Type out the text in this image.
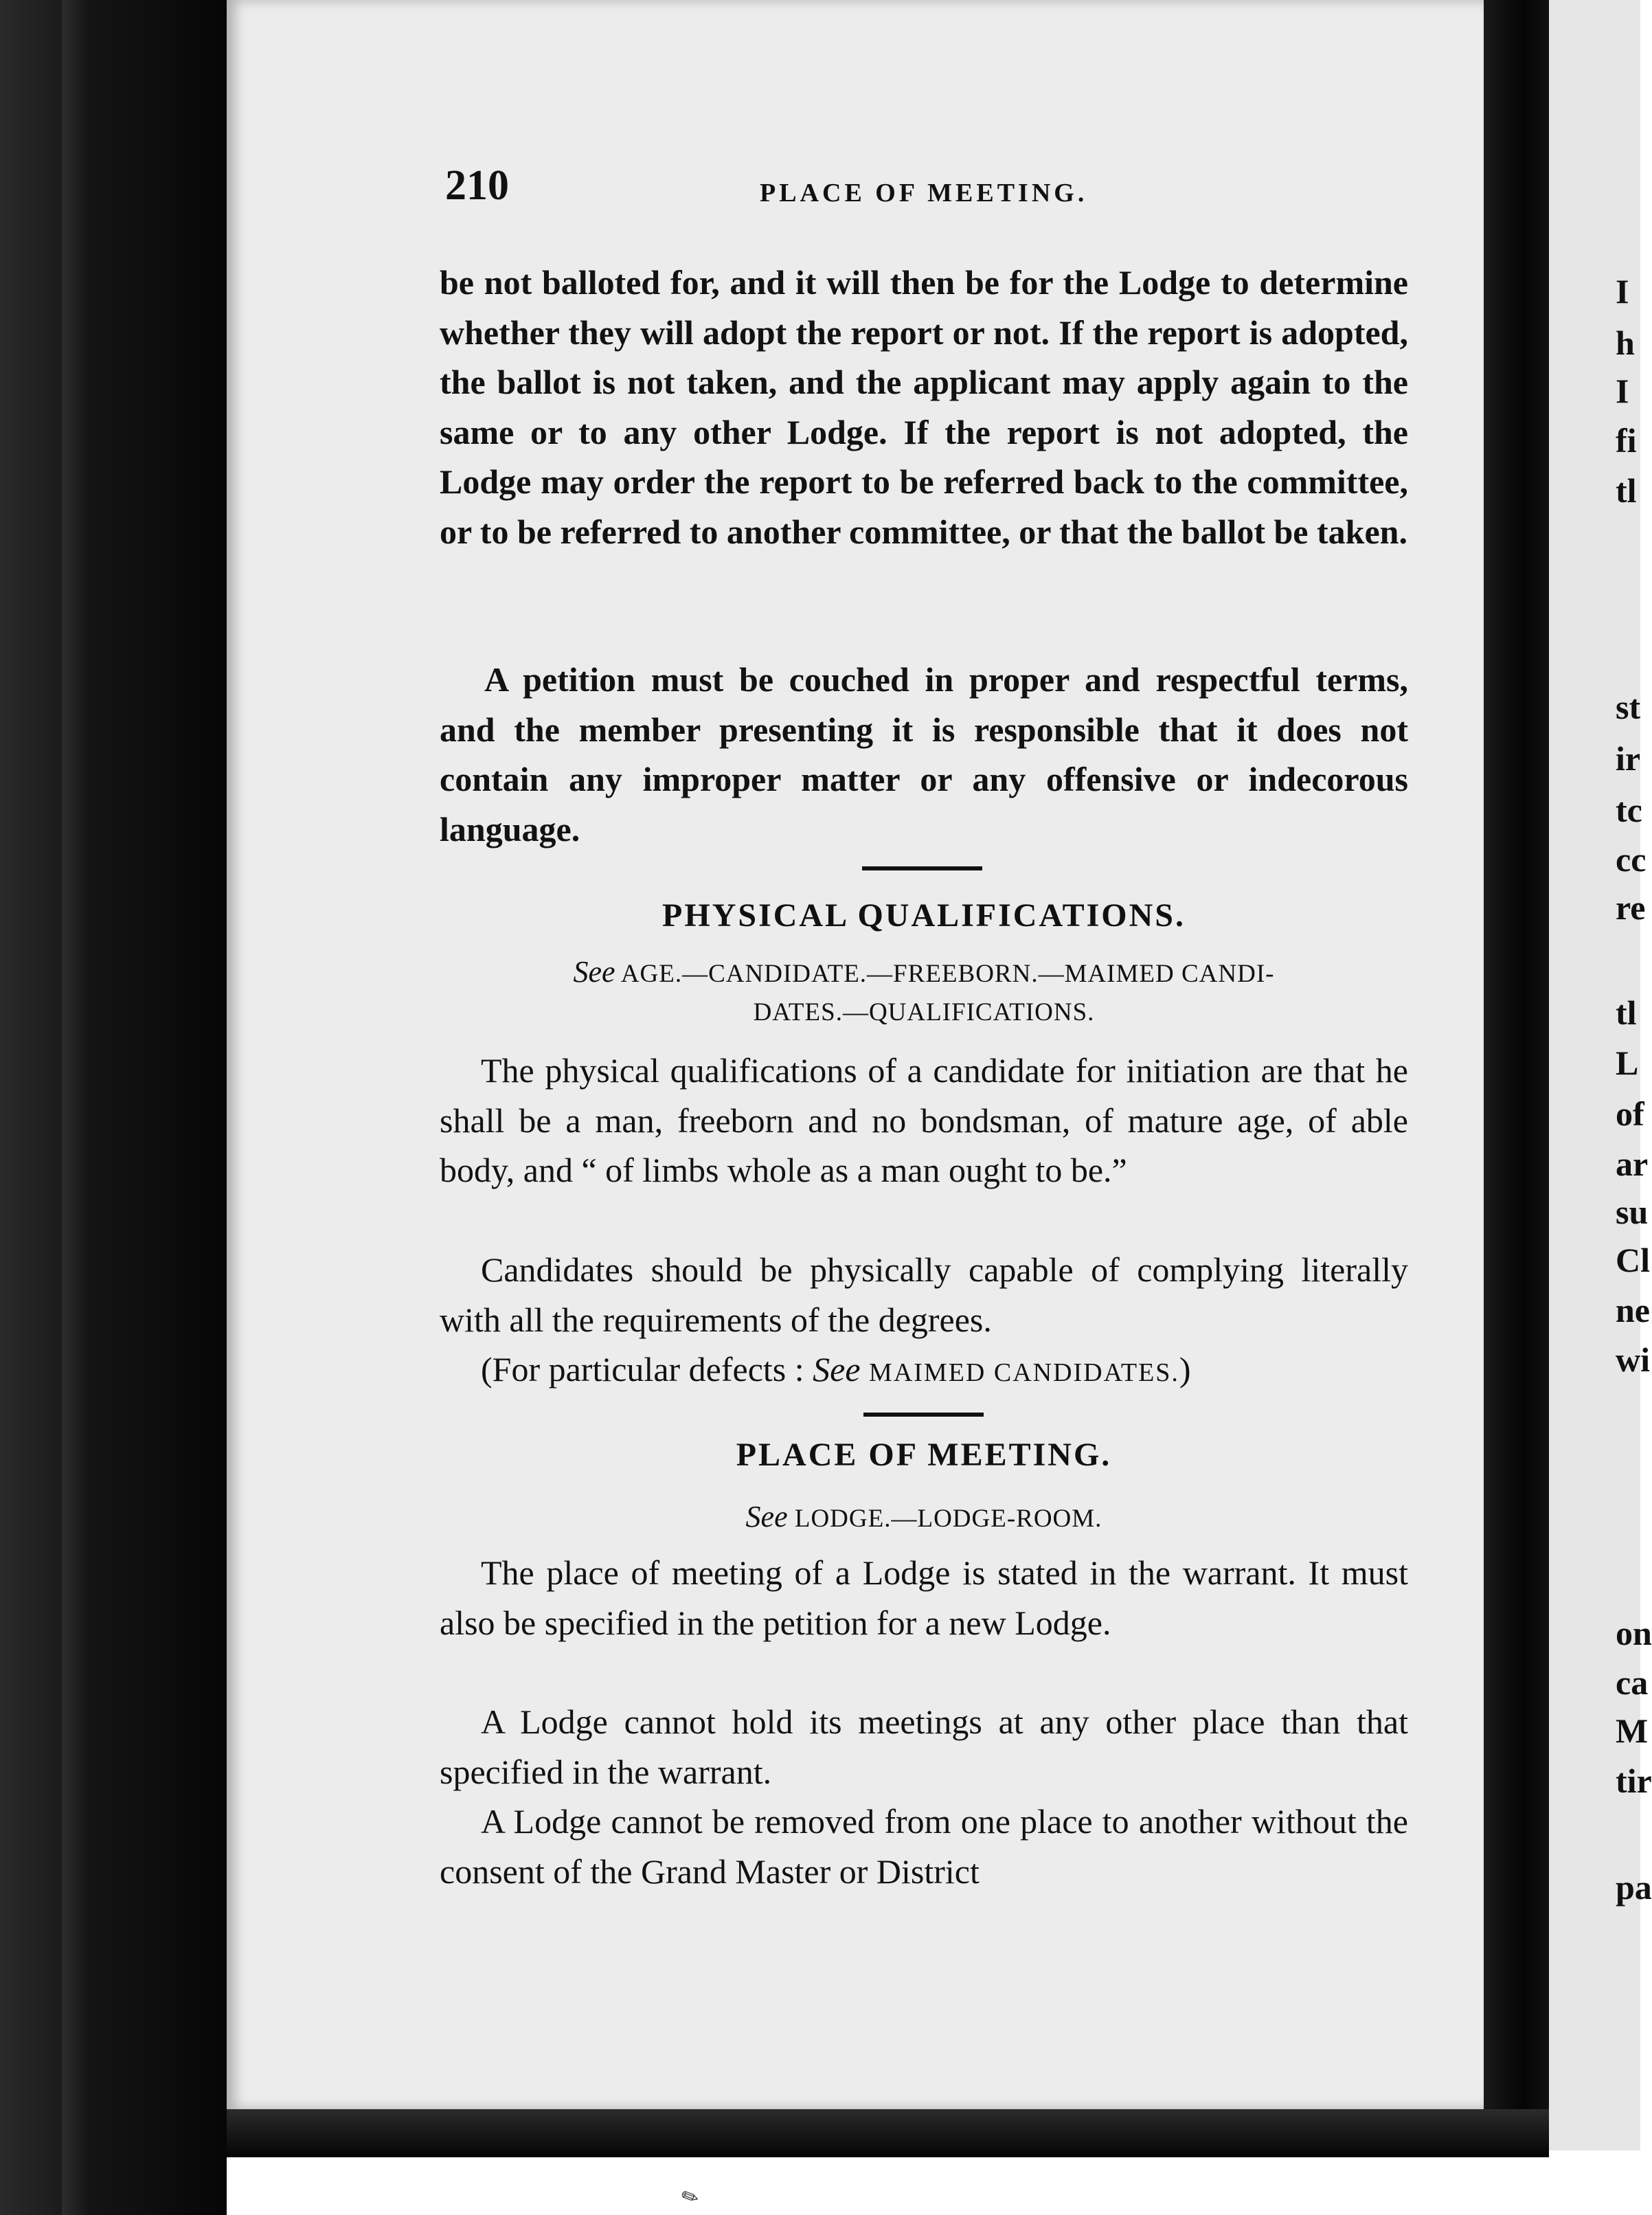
✎
210	PLACE OF MEETING.

be not balloted for, and it will then be for the Lodge to determine whether they will adopt the report or not. If the report is adopted, the ballot is not taken, and the applicant may apply again to the same or to any other Lodge. If the report is not adopted, the Lodge may order the report to be referred back to the committee, or to be referred to another committee, or that the ballot be taken.

A petition must be couched in proper and respectful terms, and the member presenting it is responsible that it does not contain any improper matter or any offensive or indecorous language.

PHYSICAL QUALIFICATIONS.
See AGE.—CANDIDATE.—FREEBORN.—MAIMED CANDI-
DATES.—QUALIFICATIONS.

The physical qualifications of a candidate for initiation are that he shall be a man, freeborn and no bondsman, of mature age, of able body, and “ of limbs whole as a man ought to be.”

Candidates should be physically capable of complying literally with all the requirements of the degrees.

(For particular defects : See MAIMED CANDIDATES.)

PLACE OF MEETING.
See LODGE.—LODGE-ROOM.

The place of meeting of a Lodge is stated in the warrant. It must also be specified in the petition for a new Lodge.

A Lodge cannot hold its meetings at any other place than that specified in the warrant.

A Lodge cannot be removed from one place to another without the consent of the Grand Master or District

I
h
I
fi
tl
st
ir
tc
cc
re
tl
L
of
ar
su
Cl
ne
wi
on
ca
M
tir
pa
